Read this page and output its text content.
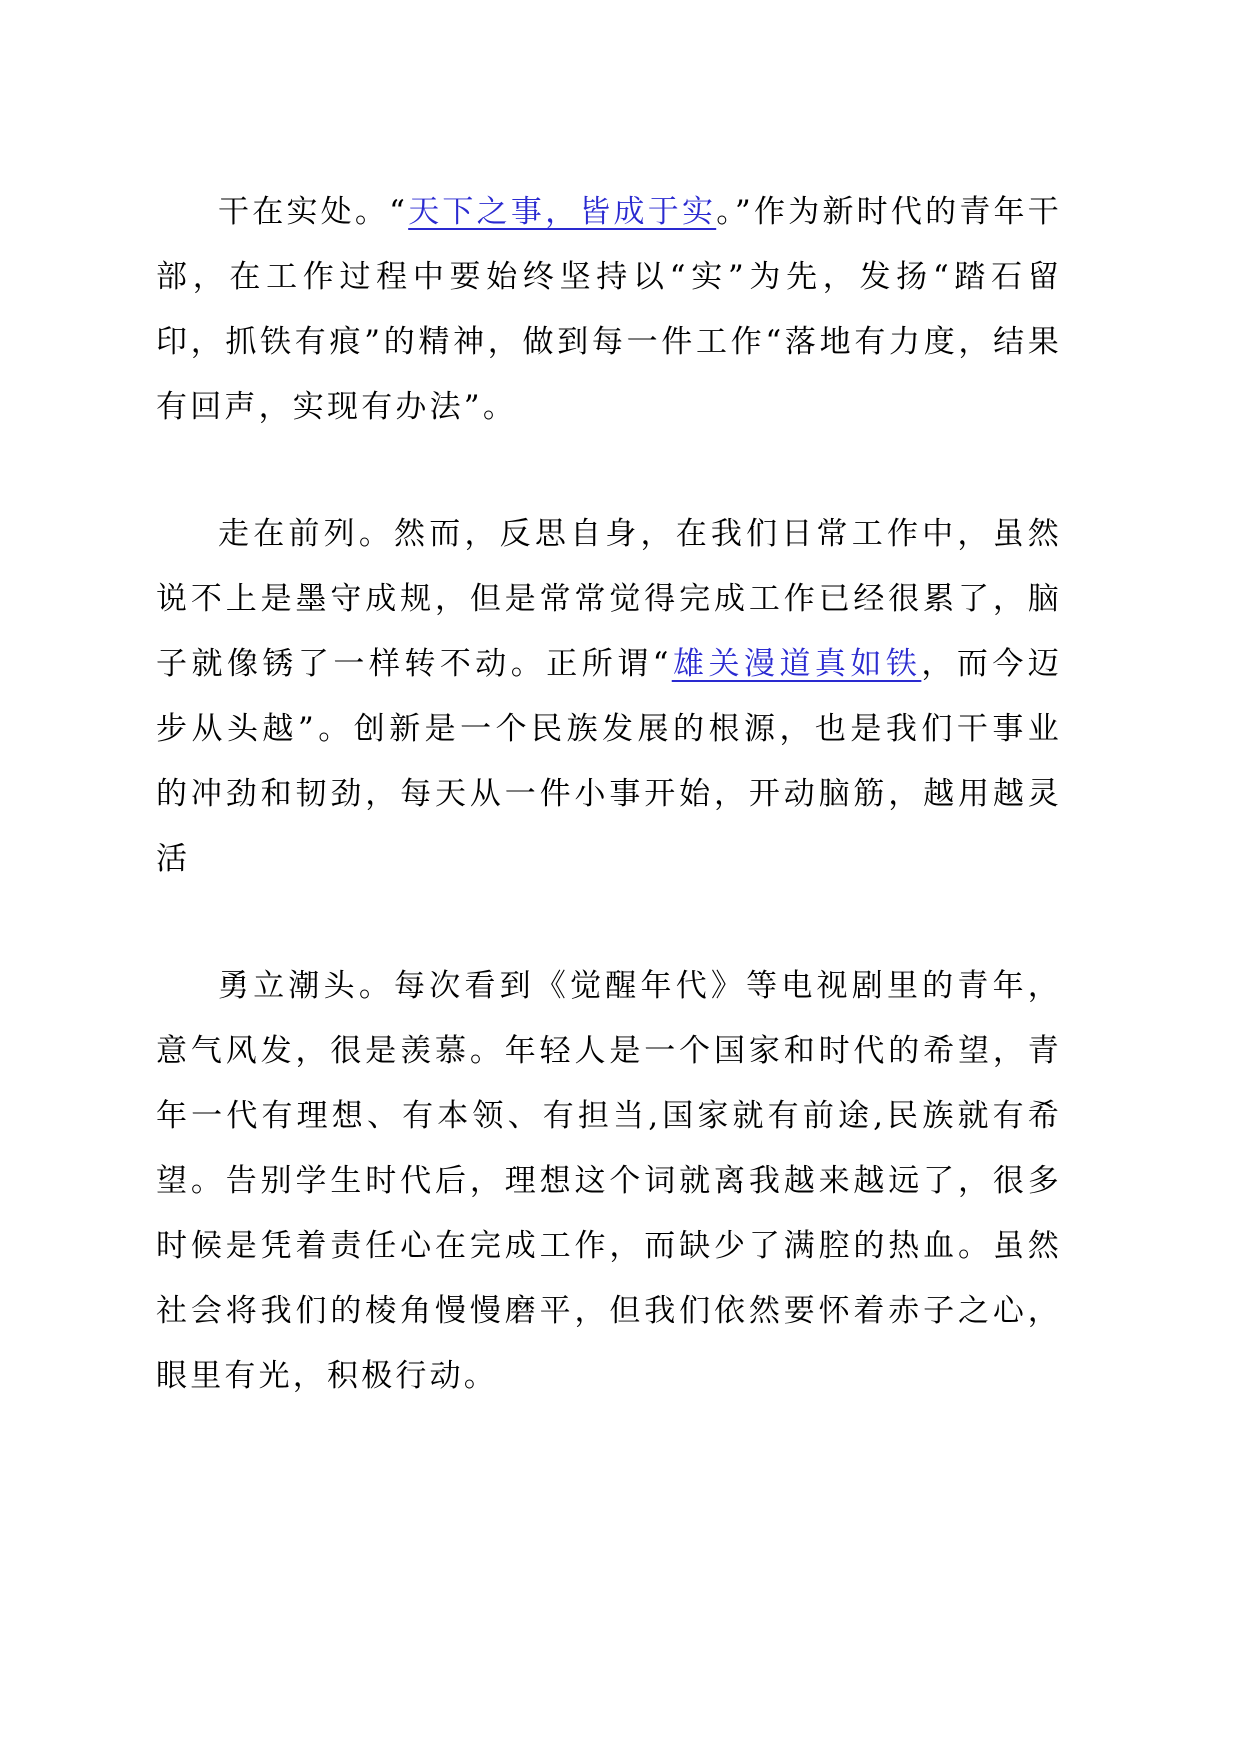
干在实处。“天下之事，皆成于实。”作为新时代的青年干部，在工作过程中要始终坚持以“实”为先，发扬“踏石留印，抓铁有痕”的精神，做到每一件工作“落地有力度，结果有回声，实现有办法”。

走在前列。然而，反思自身，在我们日常工作中，虽然说不上是墨守成规，但是常常觉得完成工作已经很累了，脑子就像锈了一样转不动。正所谓“雄关漫道真如铁，而今迈步从头越”。创新是一个民族发展的根源，也是我们干事业的冲劲和韧劲，每天从一件小事开始，开动脑筋，越用越灵活

勇立潮头。每次看到《觉醒年代》等电视剧里的青年，意气风发，很是羡慕。年轻人是一个国家和时代的希望，青年一代有理想、有本领、有担当,国家就有前途,民族就有希望。告别学生时代后，理想这个词就离我越来越远了，很多时候是凭着责任心在完成工作，而缺少了满腔的热血。虽然社会将我们的棱角慢慢磨平，但我们依然要怀着赤子之心，眼里有光，积极行动。
